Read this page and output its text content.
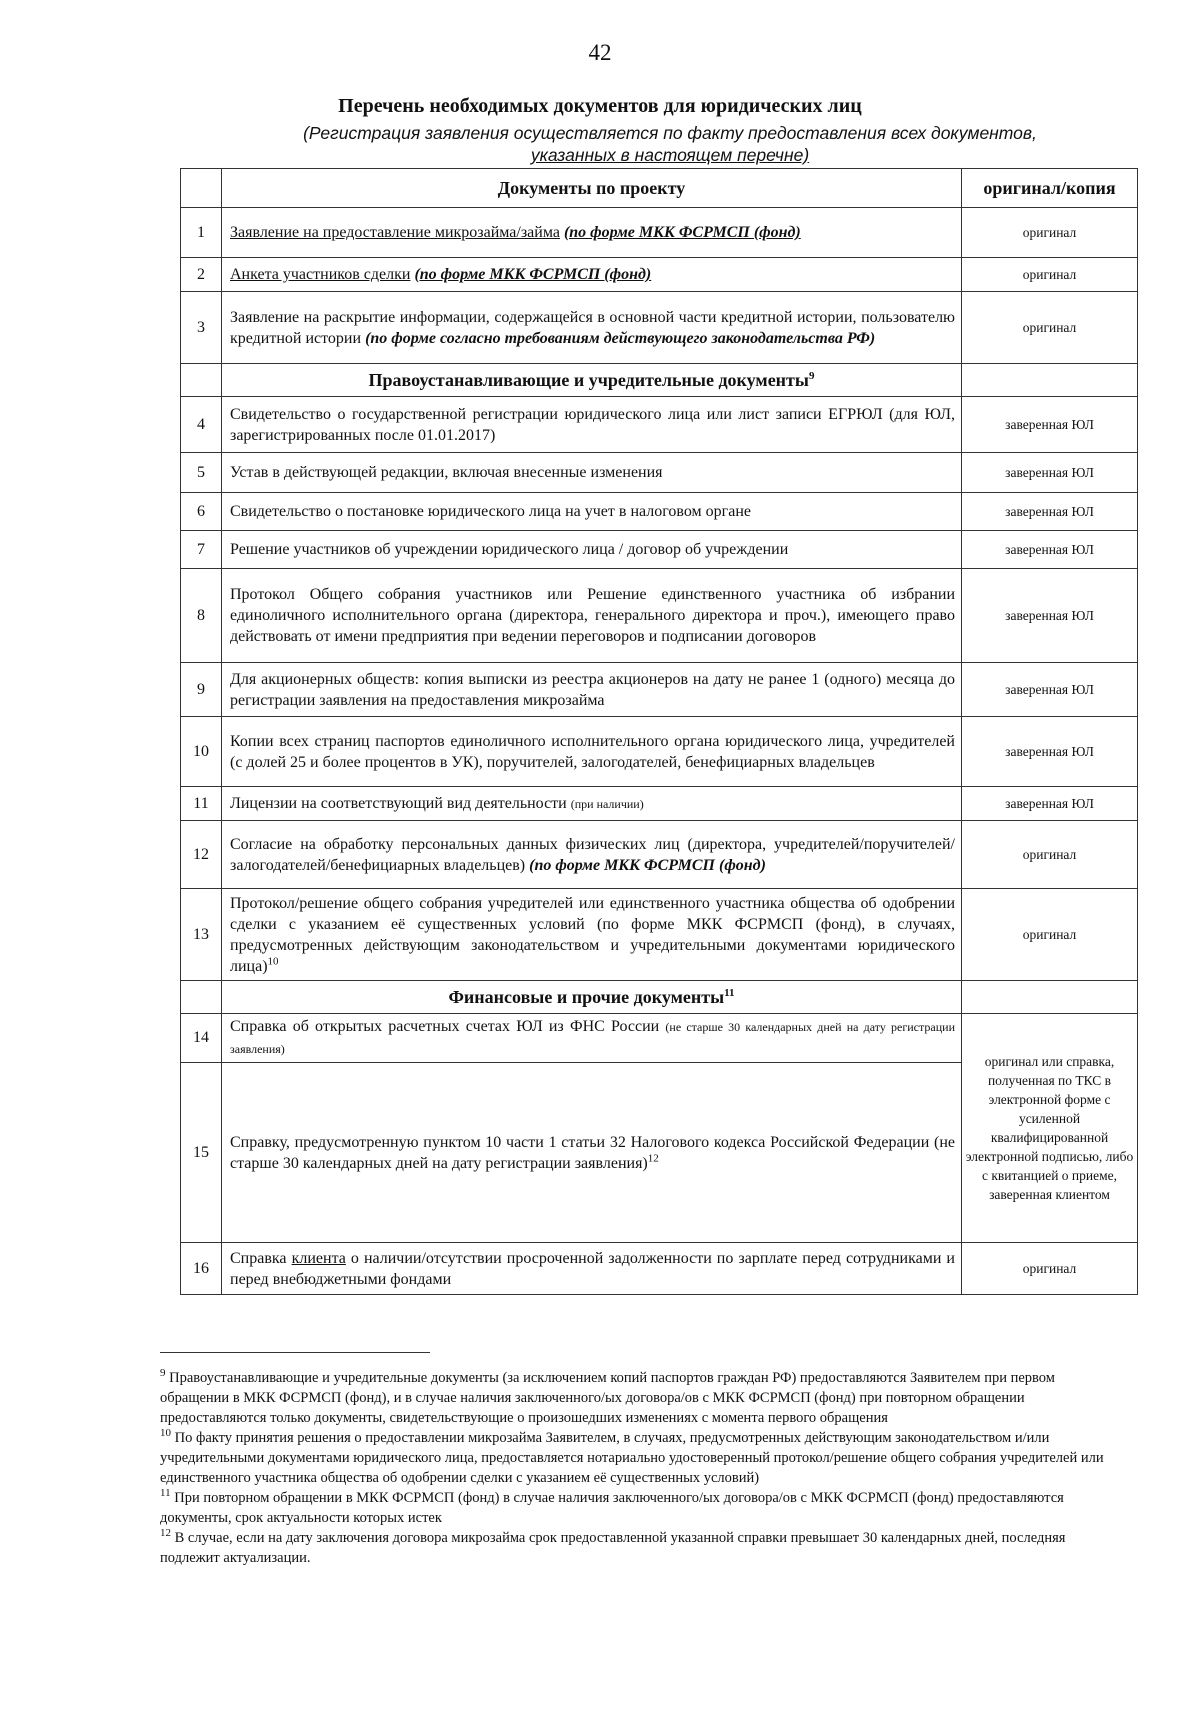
42
Перечень необходимых документов для юридических лиц
(Регистрация заявления осуществляется по факту предоставления всех документов,
указанных в настоящем перечне)
	Документы по проекту	оригинал/копия
1	Заявление на предоставление микрозайма/займа (по форме МКК ФСРМСП (фонд)	оригинал
2	Анкета участников сделки (по форме МКК ФСРМСП (фонд)	оригинал
3	Заявление на раскрытие информации, содержащейся в основной части кредитной истории, пользователю кредитной истории (по форме согласно требованиям действующего законодательства РФ)	оригинал
	Правоустанавливающие и учредительные документы$^9$	
4	Свидетельство о государственной регистрации юридического лица или лист записи ЕГРЮЛ (для ЮЛ, зарегистрированных после 01.01.2017)	заверенная ЮЛ
5	Устав в действующей редакции, включая внесенные изменения	заверенная ЮЛ
6	Свидетельство о постановке юридического лица на учет в налоговом органе	заверенная ЮЛ
7	Решение участников об учреждении юридического лица / договор об учреждении	заверенная ЮЛ
8	Протокол Общего собрания участников или Решение единственного участника об избрании единоличного исполнительного органа (директора, генерального директора и проч.), имеющего право действовать от имени предприятия при ведении переговоров и подписании договоров	заверенная ЮЛ
9	Для акционерных обществ: копия выписки из реестра акционеров на дату не ранее 1 (одного) месяца до регистрации заявления на предоставления микрозайма	заверенная ЮЛ
10	Копии всех страниц паспортов единоличного исполнительного органа юридического лица, учредителей (с долей 25 и более процентов в УК), поручителей, залогодателей, бенефициарных владельцев	заверенная ЮЛ
11	Лицензии на соответствующий вид деятельности (при наличии)	заверенная ЮЛ
12	Согласие на обработку персональных данных физических лиц (директора, учредителей/поручителей/залогодателей/бенефициарных владельцев) (по форме МКК ФСРМСП (фонд)	оригинал
13	Протокол/решение общего собрания учредителей или единственного участника общества об одобрении сделки с указанием её существенных условий (по форме МКК ФСРМСП (фонд), в случаях, предусмотренных действующим законодательством и учредительными документами юридического лица)$^{10}$	оригинал
	Финансовые и прочие документы$^{11}$	
14	Справка об открытых расчетных счетах ЮЛ из ФНС России (не старше 30 календарных дней на дату регистрации заявления)	оригинал или справка, полученная по ТКС в электронной форме с усиленной квалифицированной электронной подписью, либо с квитанцией о приеме, заверенная клиентом
15	Справку, предусмотренную пунктом 10 части 1 статьи 32 Налогового кодекса Российской Федерации (не старше 30 календарных дней на дату регистрации заявления)$^{12}$
16	Справка клиента о наличии/отсутствии просроченной задолженности по зарплате перед сотрудниками и перед внебюджетными фондами	оригинал

$^9$ Правоустанавливающие и учредительные документы (за исключением копий паспортов граждан РФ) предоставляются Заявителем при первом обращении в МКК ФСРМСП (фонд), и в случае наличия заключенного/ых договора/ов с МКК ФСРМСП (фонд) при повторном обращении предоставляются только документы, свидетельствующие о произошедших изменениях с момента первого обращения

$^{10}$ По факту принятия решения о предоставлении микрозайма Заявителем, в случаях, предусмотренных действующим законодательством и/или учредительными документами юридического лица, предоставляется нотариально удостоверенный протокол/решение общего собрания учредителей или единственного участника общества об одобрении сделки с указанием её существенных условий)

$^{11}$ При повторном обращении в МКК ФСРМСП (фонд) в случае наличия заключенного/ых договора/ов с МКК ФСРМСП (фонд) предоставляются документы, срок актуальности которых истек

$^{12}$ В случае, если на дату заключения договора микрозайма срок предоставленной указанной справки превышает 30 календарных дней, последняя подлежит актуализации.
